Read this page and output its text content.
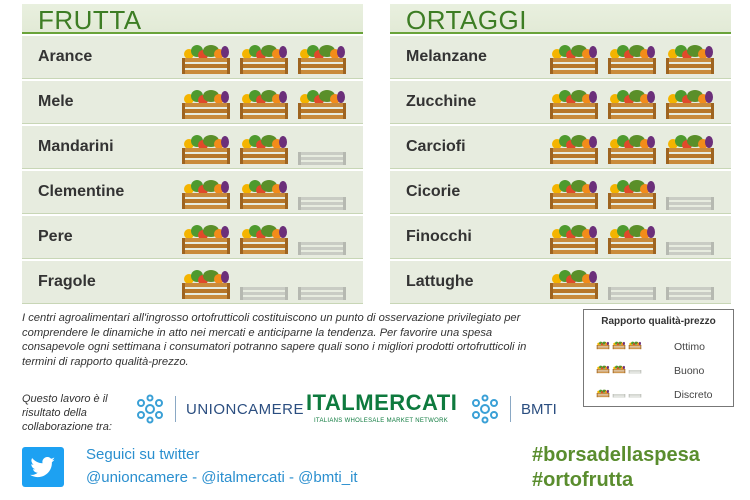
FRUTTA
Arance
Mele
Mandarini
Clementine
Pere
Fragole
ORTAGGI
Melanzane
Zucchine
Carciofi
Cicorie
Finocchi
Lattughe
I centri agroalimentari all'ingrosso ortofrutticoli costituiscono un punto di osservazione privilegiato per comprendere le dinamiche in atto nei mercati e anticiparne la tendenza. Per favorire una spesa consapevole ogni settimana i consumatori potranno sapere quali sono i migliori prodotti ortofrutticoli in termini di rapporto qualità-prezzo.
Rapporto qualità-prezzo
Ottimo
Buono
Discreto
Questo lavoro è il risultato della collaborazione tra:
UNIONCAMERE ITALMERCATI
ITALIANS WHOLESALE MARKET NETWORK
BMTI
Seguici su twitter
@unioncamere - @italmercati - @bmti_it
#borsadellaspesa
#ortofrutta
